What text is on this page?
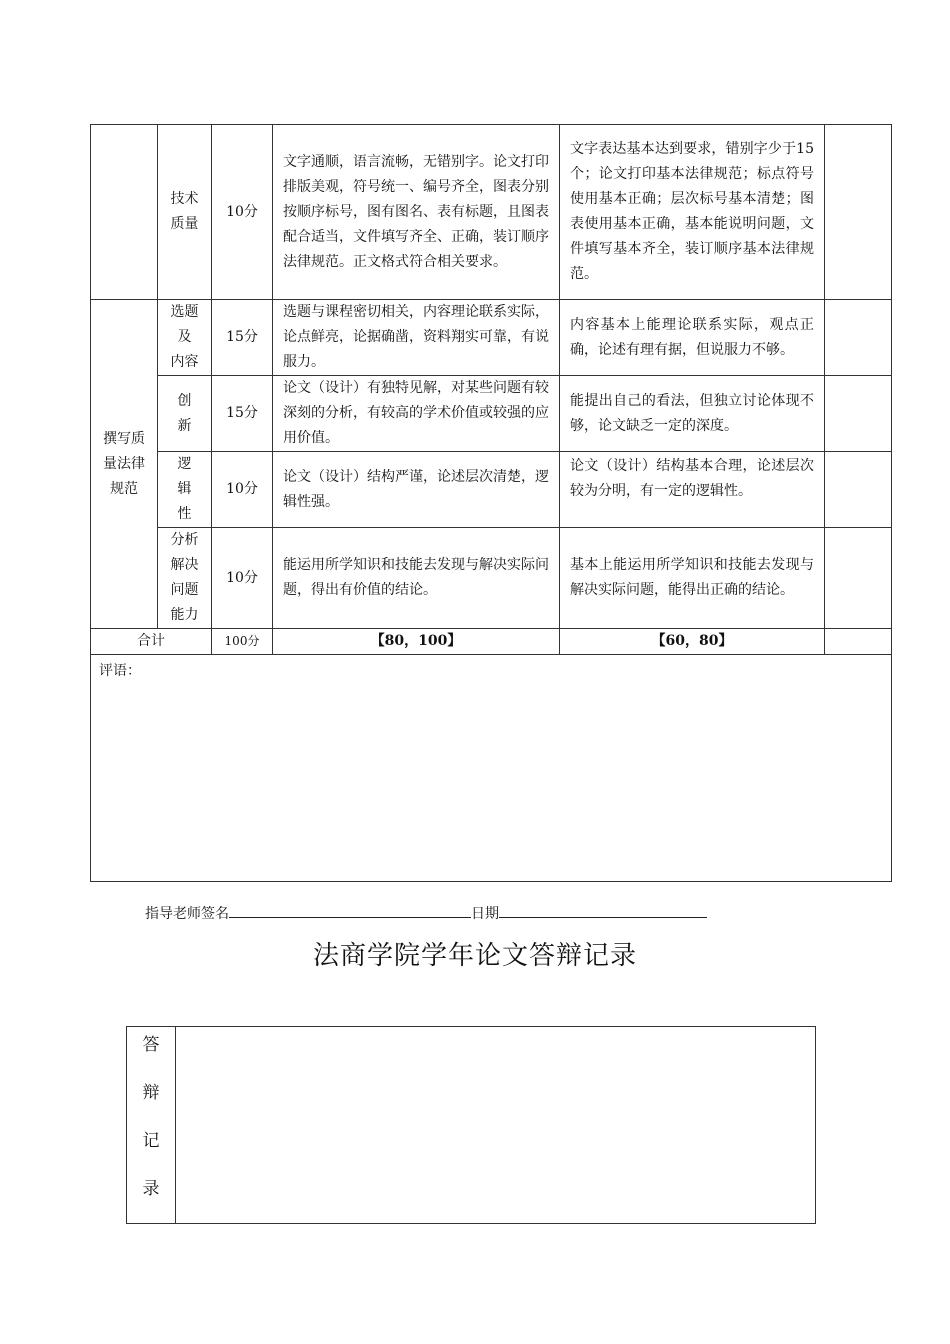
	技术
质量	10分	文字通顺，语言流畅，无错别字。论文打印排版美观，符号统一、编号齐全，图表分别按顺序标号，图有图名、表有标题，且图表配合适当，文件填写齐全、正确，装订顺序法律规范。正文格式符合相关要求。	文字表达基本达到要求，错别字少于15个；论文打印基本法律规范；标点符号使用基本正确；层次标号基本清楚；图表使用基本正确，基本能说明问题，文件填写基本齐全，装订顺序基本法律规范。	

撰写质
量法律
规范	选题
及
内容	15分	选题与课程密切相关，内容理论联系实际，论点鲜亮，论据确凿，资料翔实可靠，有说服力。	内容基本上能理论联系实际，观点正确，论述有理有据，但说服力不够。	

	创
新	15分	论文（设计）有独特见解，对某些问题有较深刻的分析，有较高的学术价值或较强的应用价值。	能提出自己的看法，但独立讨论体现不够，论文缺乏一定的深度。	

	逻
辑
性	10分	论文（设计）结构严谨，论述层次清楚，逻辑性强。	论文（设计）结构基本合理，论述层次较为分明，有一定的逻辑性。	

	分析
解决
问题
能力	10分	能运用所学知识和技能去发现与解决实际问题，得出有价值的结论。	基本上能运用所学知识和技能去发现与解决实际问题，能得出正确的结论。	
合计		100分	【80，100】	【60，80】	
评语：					
指导老师签名	日期
法商学院学年论文答辩记录
答
辩
记
录
